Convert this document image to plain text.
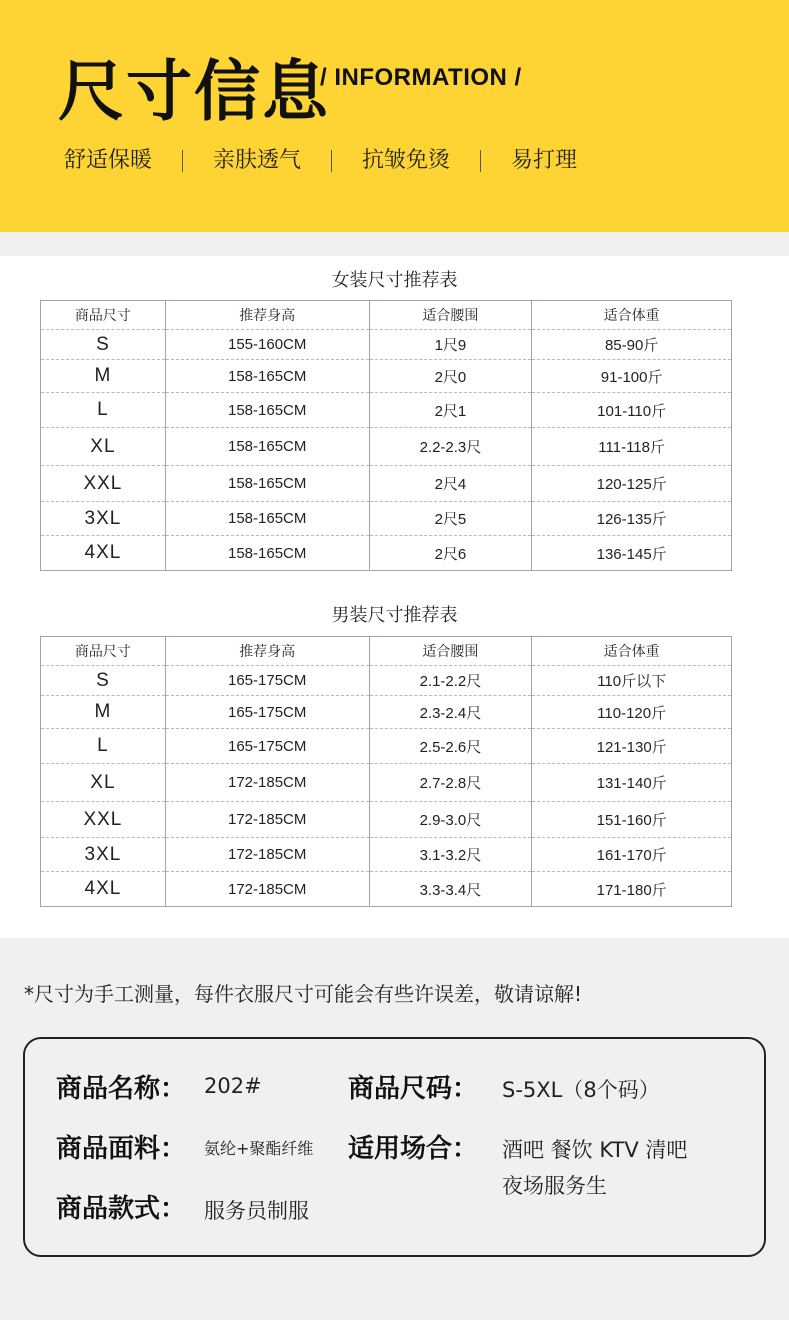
尺寸信息
/ INFORMATION /
舒适保暖	亲肤透气	抗皱免烫	易打理
女装尺寸推荐表
商品尺寸	推荐身高	适合腰围	适合体重
S	155-160CM	1尺9	85-90斤
M	158-165CM	2尺0	91-100斤
L	158-165CM	2尺1	101-110斤
XL	158-165CM	2.2-2.3尺	111-118斤
XXL	158-165CM	2尺4	120-125斤
3XL	158-165CM	2尺5	126-135斤
4XL	158-165CM	2尺6	136-145斤
男装尺寸推荐表
商品尺寸	推荐身高	适合腰围	适合体重
S	165-175CM	2.1-2.2尺	110斤以下
M	165-175CM	2.3-2.4尺	110-120斤
L	165-175CM	2.5-2.6尺	121-130斤
XL	172-185CM	2.7-2.8尺	131-140斤
XXL	172-185CM	2.9-3.0尺	151-160斤
3XL	172-185CM	3.1-3.2尺	161-170斤
4XL	172-185CM	3.3-3.4尺	171-180斤
*尺寸为手工测量，每件衣服尺寸可能会有些许误差，敬请谅解!
商品名称： 202#	商品尺码： S-5XL（8个码）
商品面料： 氨纶+聚酯纤维 适用场合： 酒吧 餐饮 KTV 清吧
夜场服务生
商品款式： 服务员制服
